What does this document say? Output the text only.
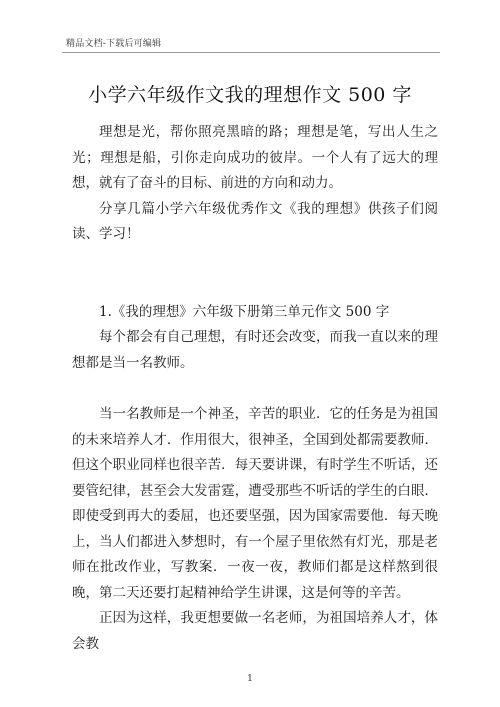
精品文档-下载后可编辑
小学六年级作文我的理想作文 500 字

理想是光，帮你照亮黑暗的路；理想是笔，写出人生之光；理想是船，引你走向成功的彼岸。一个人有了远大的理想，就有了奋斗的目标、前进的方向和动力。

分享几篇小学六年级优秀作文《我的理想》供孩子们阅读、学习！

1.《我的理想》六年级下册第三单元作文 500 字

每个都会有自己理想，有时还会改变，而我一直以来的理想都是当一名教师。

当一名教师是一个神圣，辛苦的职业．它的任务是为祖国的未来培养人才．作用很大，很神圣，全国到处都需要教师．但这个职业同样也很辛苦．每天要讲课，有时学生不听话，还要管纪律，甚至会大发雷霆，遭受那些不听话的学生的白眼．即使受到再大的委屈，也还要坚强，因为国家需要他．每天晚上，当人们都进入梦想时，有一个屋子里依然有灯光，那是老师在批改作业，写教案．一夜一夜，教师们都是这样熬到很晚，第二天还要打起精神给学生讲课，这是何等的辛苦。

正因为这样，我更想要做一名老师，为祖国培养人才，体会教

1
